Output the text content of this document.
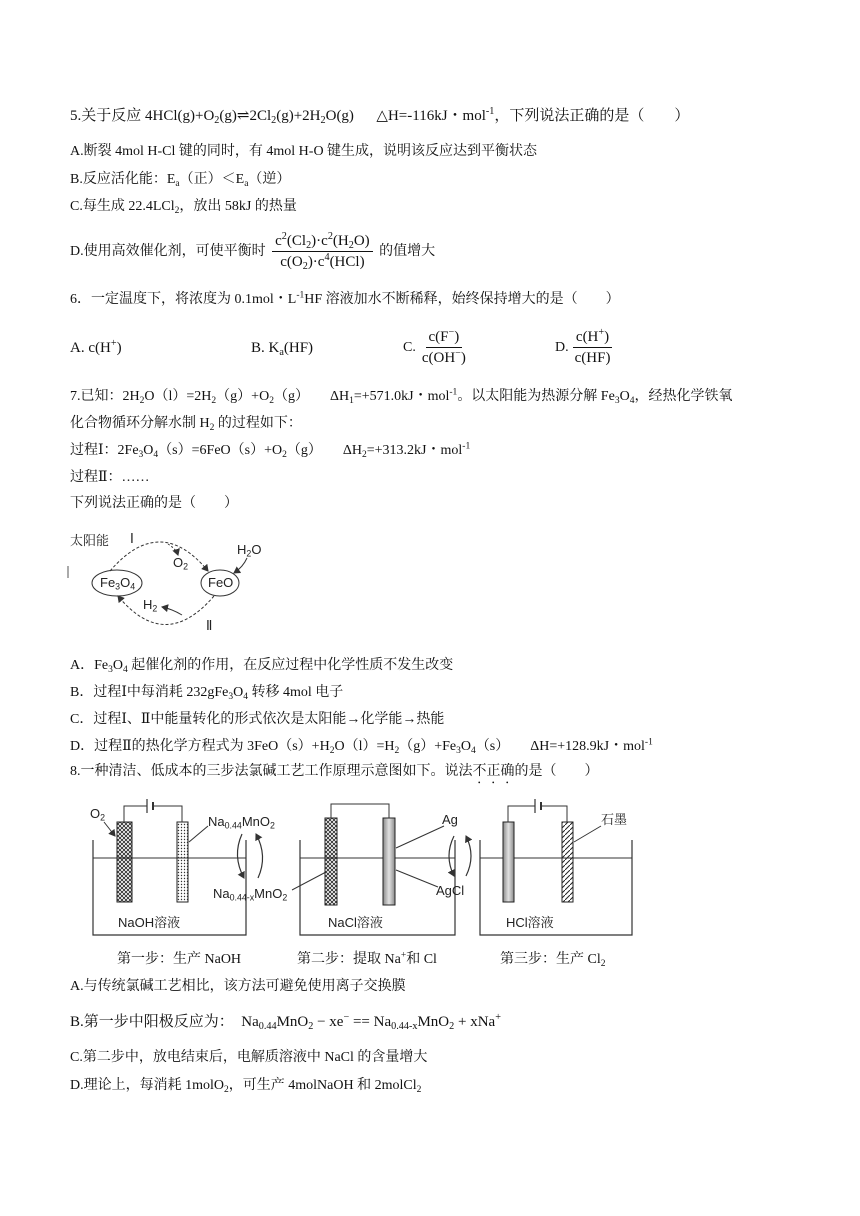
5.关于反应 $4HCl(g)+O_2(g)\rightleftharpoons 2Cl_2(g)+2H_2O(g)$      △H=-116kJ・mol$^{-1}$，下列说法正确的是（        ）
A.断裂 4mol H-Cl 键的同时，有 4mol H-O 键生成，说明该反应达到平衡状态
B.反应活化能：$E_a$（正）$<E_a$（逆）
C.每生成 22.4LCl$_2$，放出 58kJ 的热量
D.使用高效催化剂，可使平衡时 $\frac{c^2(Cl_2)\cdot c^2(H_2O)}{c(O_2)\cdot c^4(HCl)}$ 的值增大
6．一定温度下，将浓度为 0.1mol・$L^{-1}HF$ 溶液加水不断稀释，始终保持增大的是（        ）
A. c(H+)	B. $K_a(HF)$	C. $\frac{c(F^-)}{c(OH^-)}$	D. $\frac{c(H^+)}{c(HF)}$
7.已知：$2H_2O(l)=2H_2(g)+O_2(g)$      $\Delta H_1=+571.0kJ$・mol$^{-1}$。以太阳能为热源分解 $Fe_3O_4$，经热化学铁氧
化合物循环分解水制 $H_2$ 的过程如下：
过程Ⅰ：$2Fe_3O_4(s)=6FeO(s)+O_2(g)$      $\Delta H_2=+313.2kJ$・mol$^{-1}$
过程Ⅱ：……
下列说法正确的是（        ）
太阳能 Ⅰ
$O_2$
$H_2O$
$Fe_3O_4$	FeO
$H_2$
Ⅱ
A．$Fe_3O_4$ 起催化剂的作用，在反应过程中化学性质不发生改变
B．过程Ⅰ中每消耗 $232gFe_3O_4$ 转移 4mol 电子
C．过程Ⅰ、Ⅱ中能量转化的形式依次是太阳能→化学能→热能
D．过程Ⅱ的热化学方程式为 $3FeO(s)+H_2O(l)=H_2(g)+Fe_3O_4(s)$      ΔH=+128.9kJ・mol$^{-1}$
8.一种清洁、低成本的三步法氯碱工艺工作原理示意图如下。说法不正确的是（        ）
$O_2$	$Na_{0.44}MnO_2$
$Na_{0.44-x}MnO_2$
NaOH溶液	NaCl溶液
Ag
AgCl
HCl溶液
石墨
第一步：生产 NaOH	第二步：提取 Na+和 Cl	第三步：生产 $Cl_2$
A.与传统氯碱工艺相比，该方法可避免使用离子交换膜
B.第一步中阳极反应为：  $Na_{0.44}MnO_2 - xe^- == Na_{0.44-x}MnO_2 + xNa^+$
C.第二步中，放电结束后，电解质溶液中 NaCl 的含量增大
D.理论上，每消耗 1molO$_2$，可生产 4molNaOH 和 2molCl$_2$
